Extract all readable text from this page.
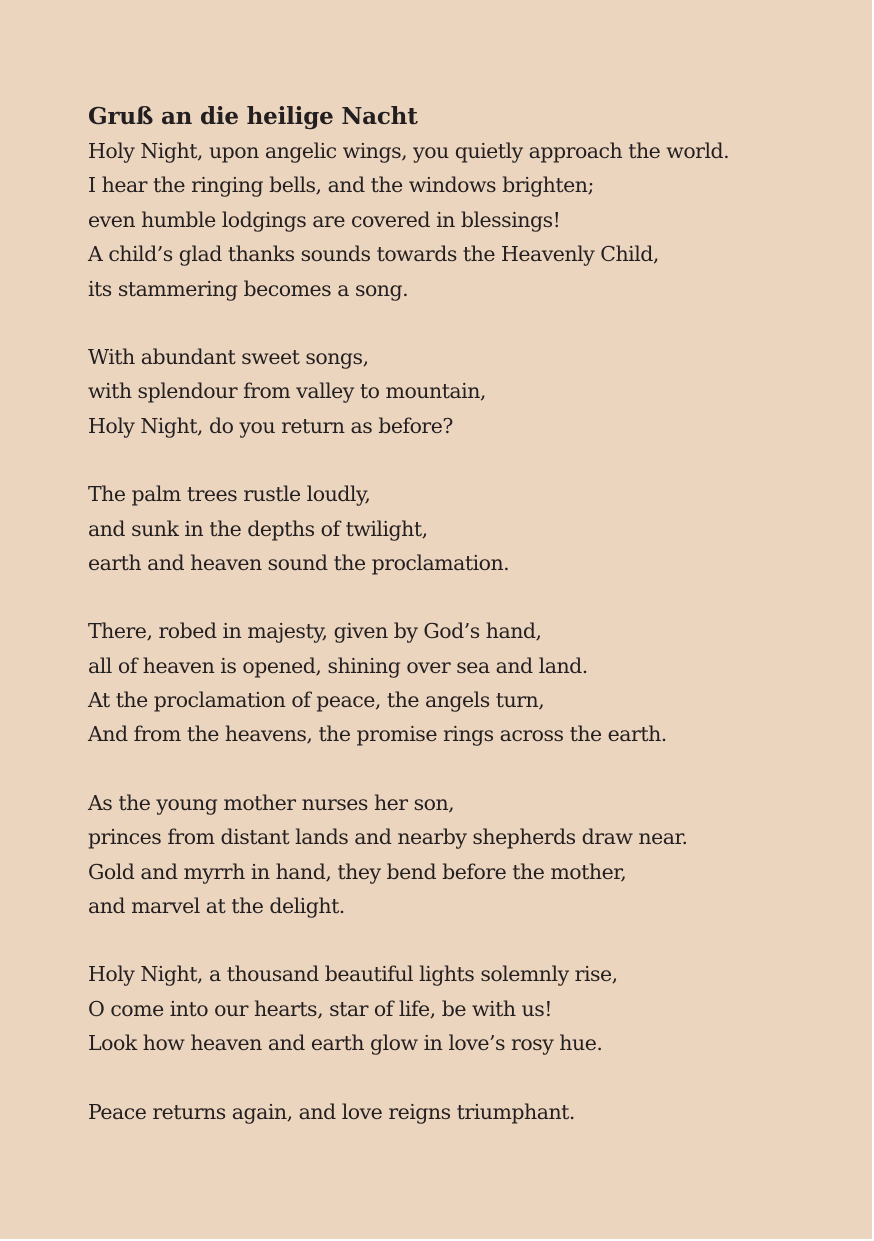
Gruß an die heilige Nacht
Holy Night, upon angelic wings, you quietly approach the world.
I hear the ringing bells, and the windows brighten;
even humble lodgings are covered in blessings!
A child’s glad thanks sounds towards the Heavenly Child,
its stammering becomes a song.
With abundant sweet songs,
with splendour from valley to mountain,
Holy Night, do you return as before?
The palm trees rustle loudly,
and sunk in the depths of twilight,
earth and heaven sound the proclamation.
There, robed in majesty, given by God’s hand,
all of heaven is opened, shining over sea and land.
At the proclamation of peace, the angels turn,
And from the heavens, the promise rings across the earth.
As the young mother nurses her son,
princes from distant lands and nearby shepherds draw near.
Gold and myrrh in hand, they bend before the mother,
and marvel at the delight.
Holy Night, a thousand beautiful lights solemnly rise,
O come into our hearts, star of life, be with us!
Look how heaven and earth glow in love’s rosy hue.
Peace returns again, and love reigns triumphant.
